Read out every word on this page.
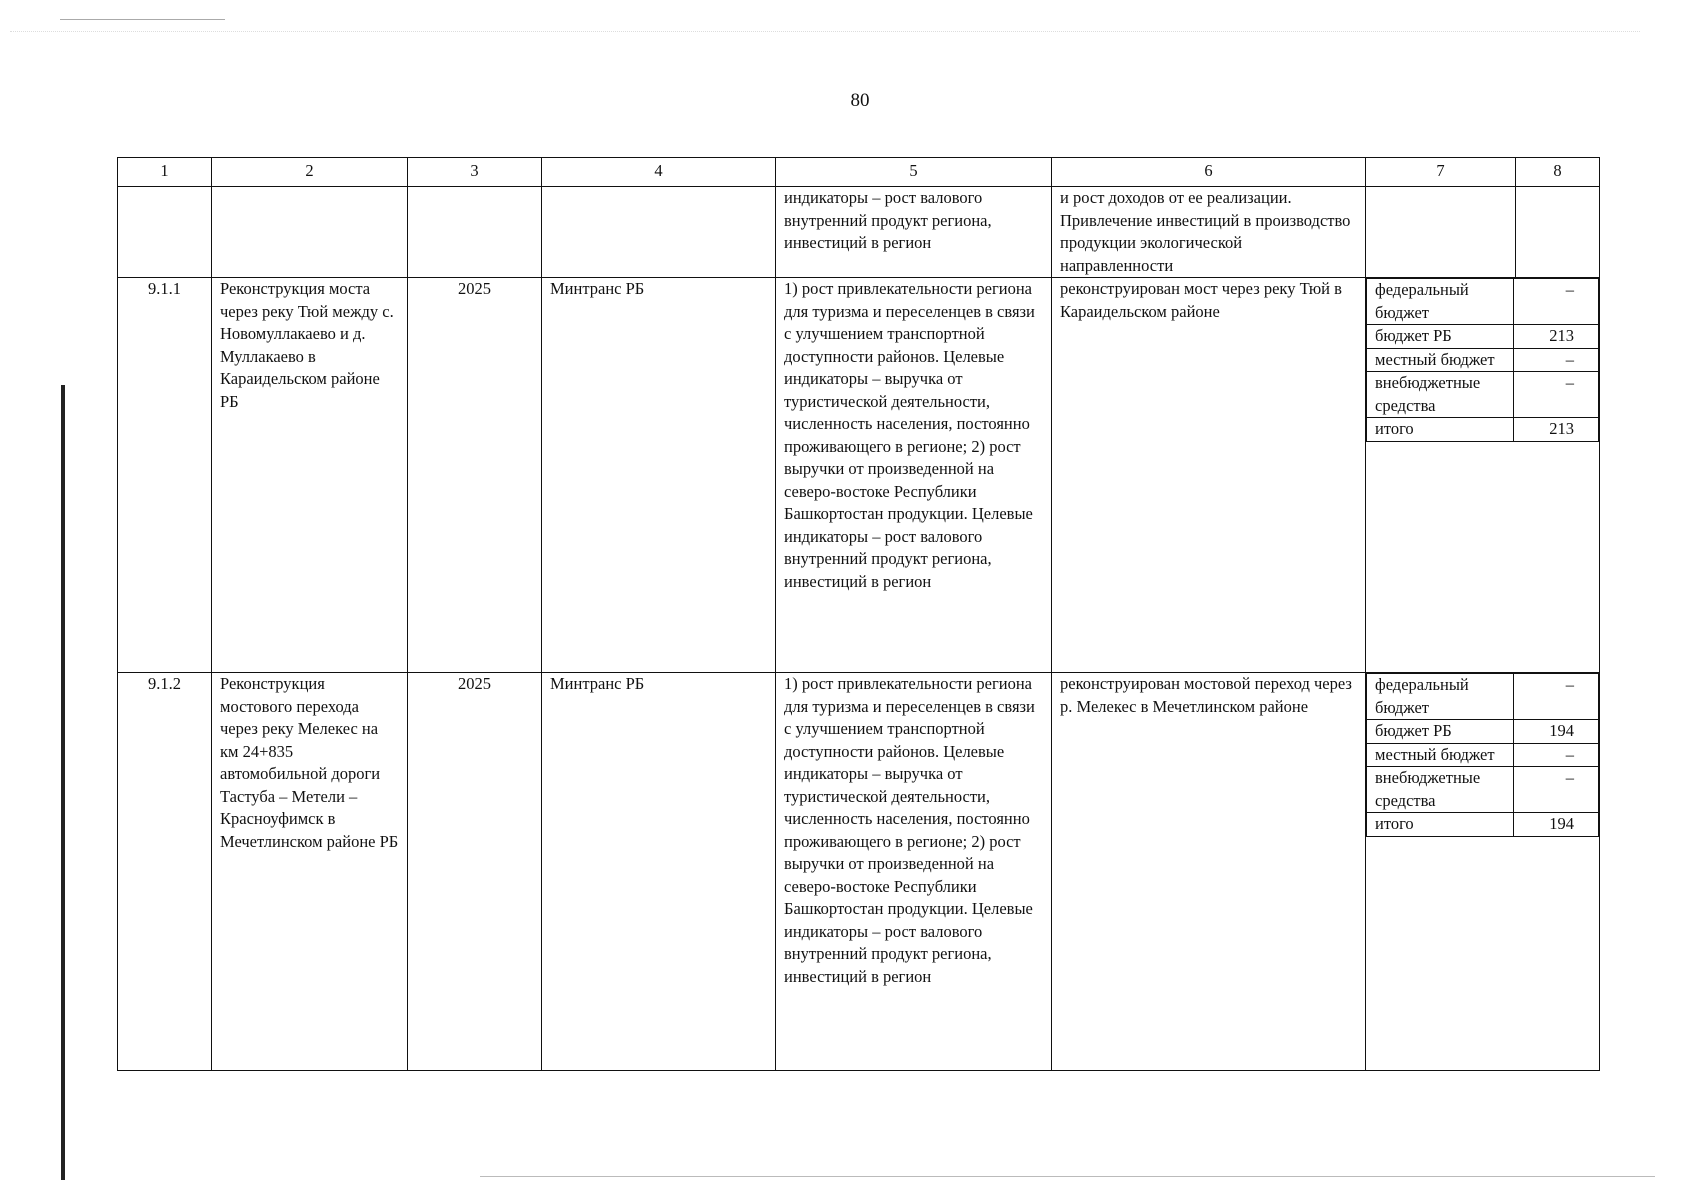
80
1	2	3	4	5	6	7	8
				индикаторы – рост валового внутренний продукт региона, инвестиций в регион	и рост доходов от ее реализации. Привлечение инвестиций в производство продукции экологической направленности		
9.1.1	Реконструкция моста через реку Тюй между с. Новомуллакаево и д. Муллакаево в Караидельском районе РБ	2025	Минтранс РБ	1) рост привлекательности региона для туризма и переселенцев в связи с улучшением транспортной доступности районов. Целевые индикаторы – выручка от туристической деятельности, численность населения, постоянно проживающего в регионе; 2) рост выручки от произведенной на северо-востоке Республики Башкортостан продукции. Целевые индикаторы – рост валового внутренний продукт региона, инвестиций в регион	реконструирован мост через реку Тюй в Караидельском районе	
федеральный бюджет	–
бюджет РБ	213
местный бюджет	–
внебюджетные средства	–
итого	213

9.1.2	Реконструкция мостового перехода через реку Мелекес на км 24+835 автомобильной дороги Тастуба – Метели – Красноуфимск в Мечетлинском районе РБ	2025	Минтранс РБ	1) рост привлекательности региона для туризма и переселенцев в связи с улучшением транспортной доступности районов. Целевые индикаторы – выручка от туристической деятельности, численность населения, постоянно проживающего в регионе; 2) рост выручки от произведенной на северо-востоке Республики Башкортостан продукции. Целевые индикаторы – рост валового внутренний продукт региона, инвестиций в регион	реконструирован мостовой переход через р. Мелекес в Мечетлинском районе	
федеральный бюджет	–
бюджет РБ	194
местный бюджет	–
внебюджетные средства	–
итого	194
